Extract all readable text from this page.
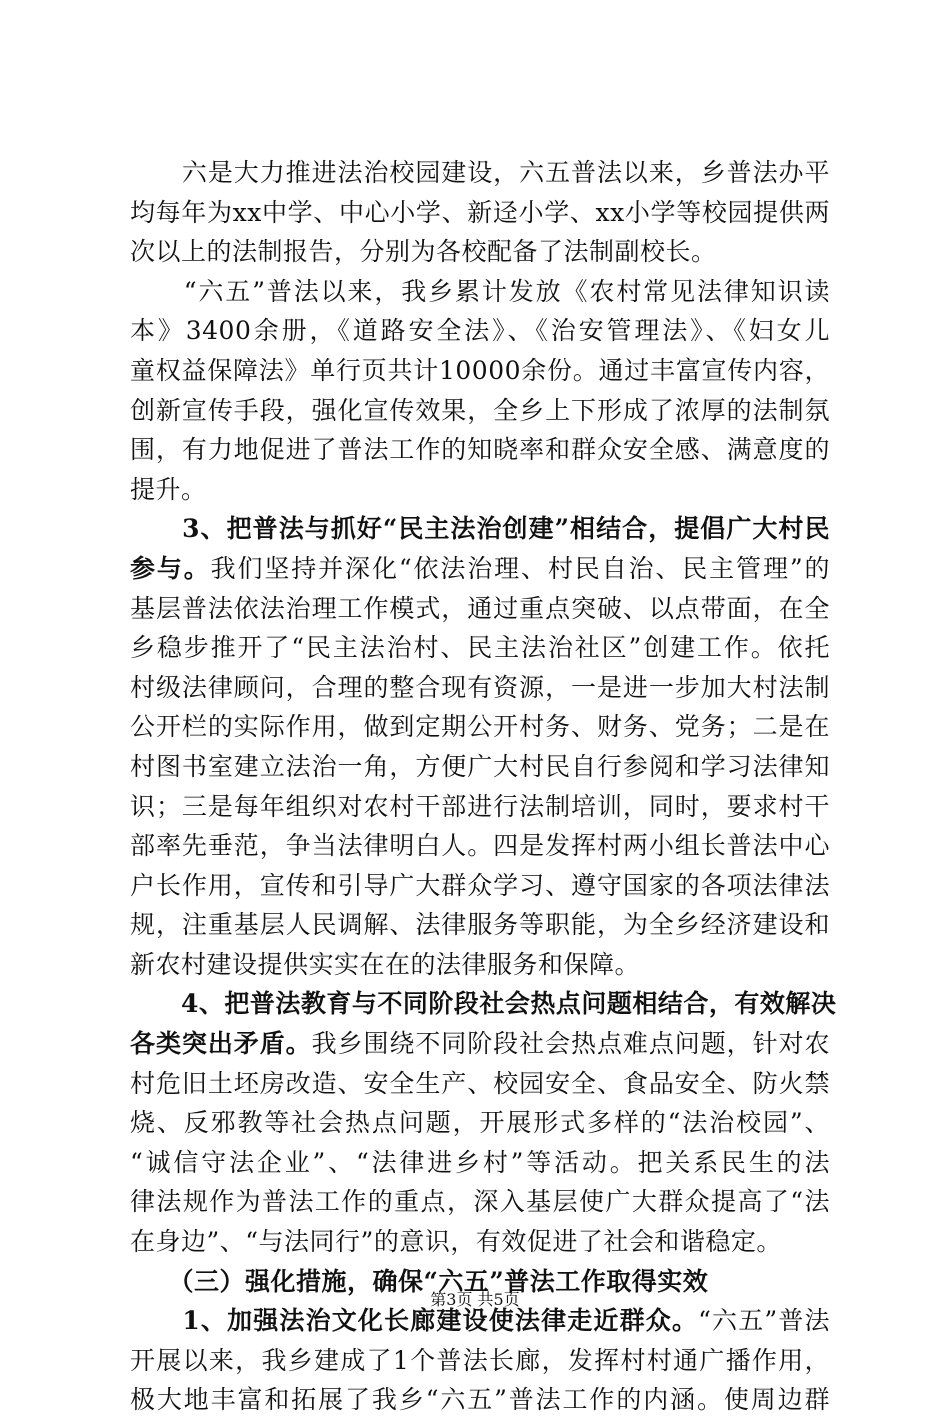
　　六是大力推进法治校园建设，六五普法以来，乡普法办平
均每年为xx中学、中心小学、新迳小学、xx小学等校园提供两
次以上的法制报告，分别为各校配备了法制副校长。
　　“六五”普法以来，我乡累计发放《农村常见法律知识读
本》3400余册，《道路安全法》、《治安管理法》、《妇女儿
童权益保障法》单行页共计10000余份。通过丰富宣传内容，
创新宣传手段，强化宣传效果，全乡上下形成了浓厚的法制氛
围，有力地促进了普法工作的知晓率和群众安全感、满意度的
提升。
　　3、把普法与抓好“民主法治创建”相结合，提倡广大村民
参与。我们坚持并深化“依法治理、村民自治、民主管理”的
基层普法依法治理工作模式，通过重点突破、以点带面，在全
乡稳步推开了“民主法治村、民主法治社区”创建工作。依托
村级法律顾问，合理的整合现有资源，一是进一步加大村法制
公开栏的实际作用，做到定期公开村务、财务、党务；二是在
村图书室建立法治一角，方便广大村民自行参阅和学习法律知
识；三是每年组织对农村干部进行法制培训，同时，要求村干
部率先垂范，争当法律明白人。四是发挥村两小组长普法中心
户长作用，宣传和引导广大群众学习、遵守国家的各项法律法
规，注重基层人民调解、法律服务等职能，为全乡经济建设和
新农村建设提供实实在在的法律服务和保障。
　　4、把普法教育与不同阶段社会热点问题相结合，有效解决
各类突出矛盾。我乡围绕不同阶段社会热点难点问题，针对农
村危旧土坯房改造、安全生产、校园安全、食品安全、防火禁
烧、反邪教等社会热点问题，开展形式多样的“法治校园”、
“诚信守法企业”、“法律进乡村”等活动。把关系民生的法
律法规作为普法工作的重点，深入基层使广大群众提高了“法
在身边”、“与法同行”的意识，有效促进了社会和谐稳定。
　　（三）强化措施，确保“六五”普法工作取得实效
　　1、加强法治文化长廊建设使法律走近群众。“六五”普法
开展以来，我乡建成了1个普法长廊，发挥村村通广播作用，
极大地丰富和拓展了我乡“六五”普法工作的内涵。使周边群
第3页 共5页
